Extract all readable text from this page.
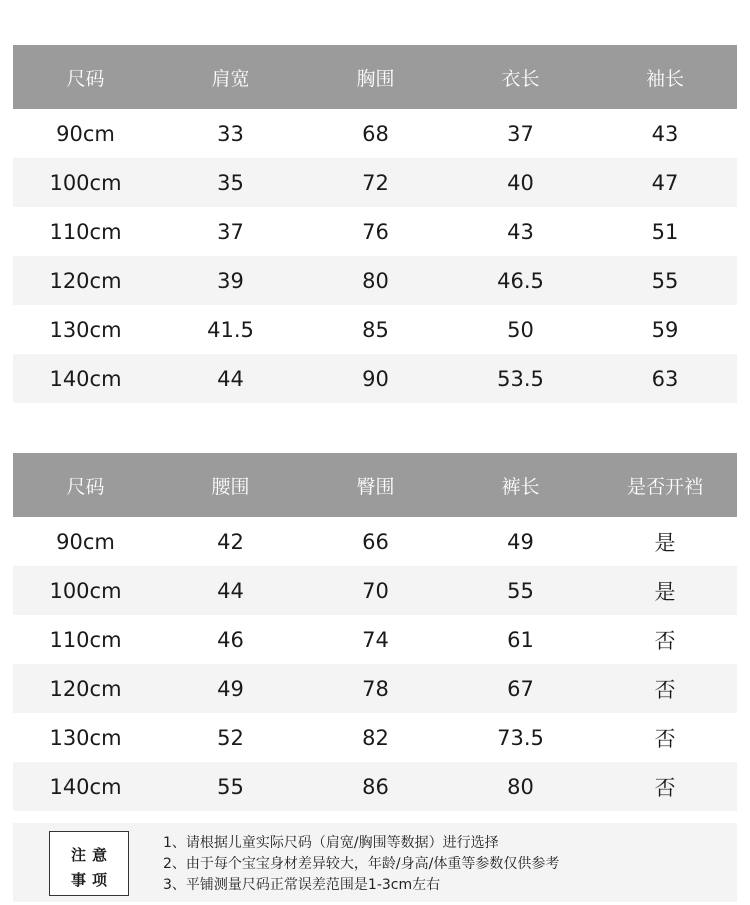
尺码	肩宽	胸围	衣长	袖长
90cm	33	68	37	43
100cm	35	72	40	47
110cm	37	76	43	51
120cm	39	80	46.5	55
130cm	41.5	85	50	59
140cm	44	90	53.5	63
尺码	腰围	臀围	裤长	是否开裆
90cm	42	66	49	是
100cm	44	70	55	是
110cm	46	74	61	否
120cm	49	78	67	否
130cm	52	82	73.5	否
140cm	55	86	80	否
注意
事项
1、请根据儿童实际尺码（肩宽/胸围等数据）进行选择
2、由于每个宝宝身材差异较大，年龄/身高/体重等参数仅供参考
3、平铺测量尺码正常误差范围是1-3cm左右
